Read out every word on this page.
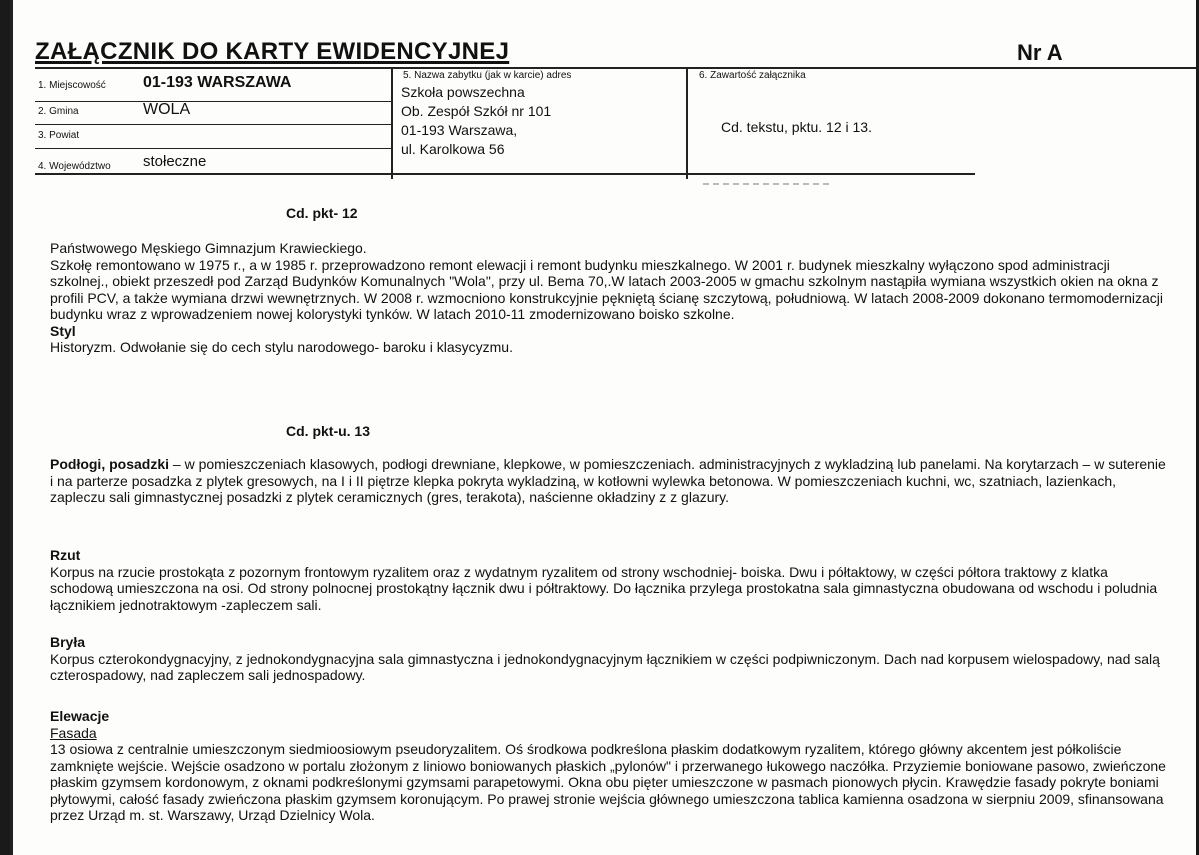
ZAŁĄCZNIK DO KARTY EWIDENCYJNEJ	Nr A
1. Miejscowość 01-193 WARSZAWA
2. Gmina	WOLA
3. Powiat
4. Województwo stołeczne
5. Nazwa zabytku (jak w karcie) adres
Szkoła powszechna
Ob. Zespół Szkół nr 101
01-193 Warszawa,
ul. Karolkowa 56
6. Zawartość załącznika
Cd. tekstu, pktu. 12 i 13.
Cd. pkt- 12

Państwowego Męskiego Gimnazjum Krawieckiego.

Szkołę remontowano w 1975 r., a w 1985 r. przeprowadzono remont elewacji i remont budynku mieszkalnego. W 2001 r. budynek mieszkalny wyłączono spod administracji szkolnej., obiekt przeszedł pod Zarząd Budynków Komunalnych "Wola", przy ul. Bema 70,.W latach 2003-2005 w gmachu szkolnym nastąpiła wymiana wszystkich okien na okna z profili PCV, a także wymiana drzwi wewnętrznych. W 2008 r. wzmocniono konstrukcyjnie pękniętą ścianę szczytową, południową. W latach 2008-2009 dokonano termomodernizacji budynku wraz z wprowadzeniem nowej kolorystyki tynków. W latach 2010-11 zmodernizowano boisko szkolne.

Styl

Historyzm. Odwołanie się do cech stylu narodowego- baroku i klasycyzmu.

Cd. pkt-u. 13

Podłogi, posadzki – w pomieszczeniach klasowych, podłogi drewniane, klepkowe, w pomieszczeniach. administracyjnych z wykladziną lub panelami. Na korytarzach – w suterenie i na parterze posadzka z plytek gresowych, na I i II piętrze klepka pokryta wykladziną, w kotłowni wylewka betonowa. W pomieszczeniach kuchni, wc, szatniach, lazienkach, zapleczu sali gimnastycznej posadzki z plytek ceramicznych (gres, terakota), naścienne okładziny z z glazury.

Rzut

Korpus na rzucie prostokąta z pozornym frontowym ryzalitem oraz z wydatnym ryzalitem od strony wschodniej- boiska. Dwu i półtaktowy, w części półtora traktowy z klatka schodową umieszczona na osi. Od strony polnocnej prostokątny łącznik dwu i półtraktowy. Do łącznika przylega prostokatna sala gimnastyczna obudowana od wschodu i poludnia łącznikiem jednotraktowym -zapleczem sali.

Bryła

Korpus czterokondygnacyjny, z jednokondygnacyjna sala gimnastyczna i jednokondygnacyjnym łącznikiem w części podpiwniczonym. Dach nad korpusem wielospadowy, nad salą czterospadowy, nad zapleczem sali jednospadowy.

Elewacje

Fasada

13 osiowa z centralnie umieszczonym siedmioosiowym pseudoryzalitem. Oś środkowa podkreślona płaskim dodatkowym ryzalitem, którego główny akcentem jest półkoliście zamknięte wejście. Wejście osadzono w portalu złożonym z liniowo boniowanych płaskich „pylonów" i przerwanego łukowego naczółka. Przyziemie boniowane pasowo, zwieńczone płaskim gzymsem kordonowym, z oknami podkreślonymi gzymsami parapetowymi. Okna obu pięter umieszczone w pasmach pionowych płycin. Krawędzie fasady pokryte boniami płytowymi, całość fasady zwieńczona płaskim gzymsem koronującym. Po prawej stronie wejścia głównego umieszczona tablica kamienna osadzona w sierpniu 2009, sfinansowana przez Urząd m. st. Warszawy, Urząd Dzielnicy Wola.
